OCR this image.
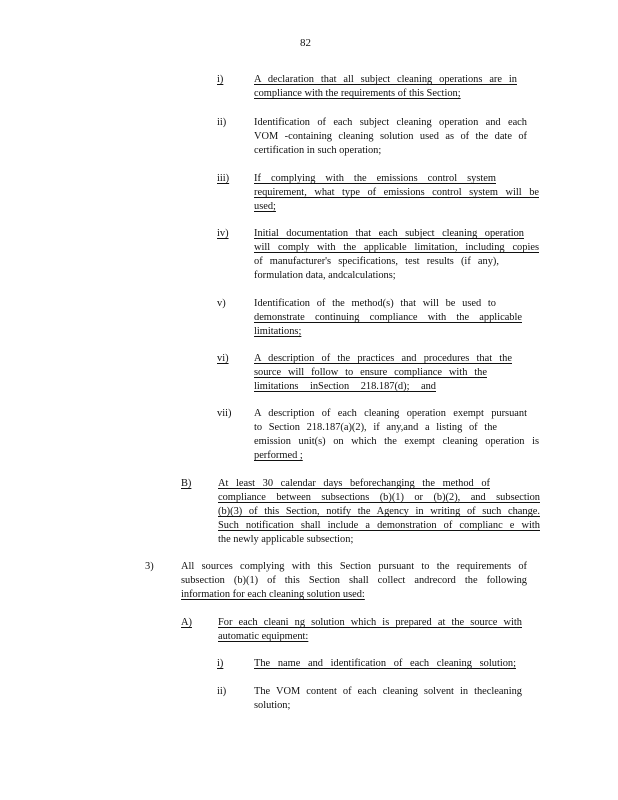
82
i)	A declaration that all subject cleaning operations are in
compliance with the requirements of this Section;
ii)	Identification of each subject cleaning operation and each
VOM -containing cleaning solution used as of the date of
certification in such operation;
iii) If complying with the emissions control system
requirement, what type of emissions control system will be
used;
iv) Initial documentation that each subject cleaning operation
will comply with the applicable limitation, including copies
of manufacturer's specifications, test results (if any),
formulation data, andcalculations;
v)	Identification of the method(s) that will be used to
demonstrate continuing compliance with the applicable
limitations;
vi) A description of the practices and procedures that the
source will follow to ensure compliance with the
limitations inSection 218.187(d); and
vii) A description of each cleaning operation exempt pursuant
to Section 218.187(a)(2), if any,and a listing of the
emission unit(s) on which the exempt cleaning operation is
performed ;
B)	At least 30 calendar days beforechanging the method of
compliance between subsections (b)(1) or (b)(2), and subsection
(b)(3) of this Section, notify the Agency in writing of such change.
Such notification shall include a demonstration of complianc e with
the newly applicable subsection;
3)	All sources complying with this Section pursuant to the requirements of
subsection (b)(1) of this Section shall collect andrecord the following
information for each cleaning solution used:
A)	For each cleani ng solution which is prepared at the source with
automatic equipment:
i)	The name and identification of each cleaning solution;
ii)	The VOM content of each cleaning solvent in thecleaning
solution;
